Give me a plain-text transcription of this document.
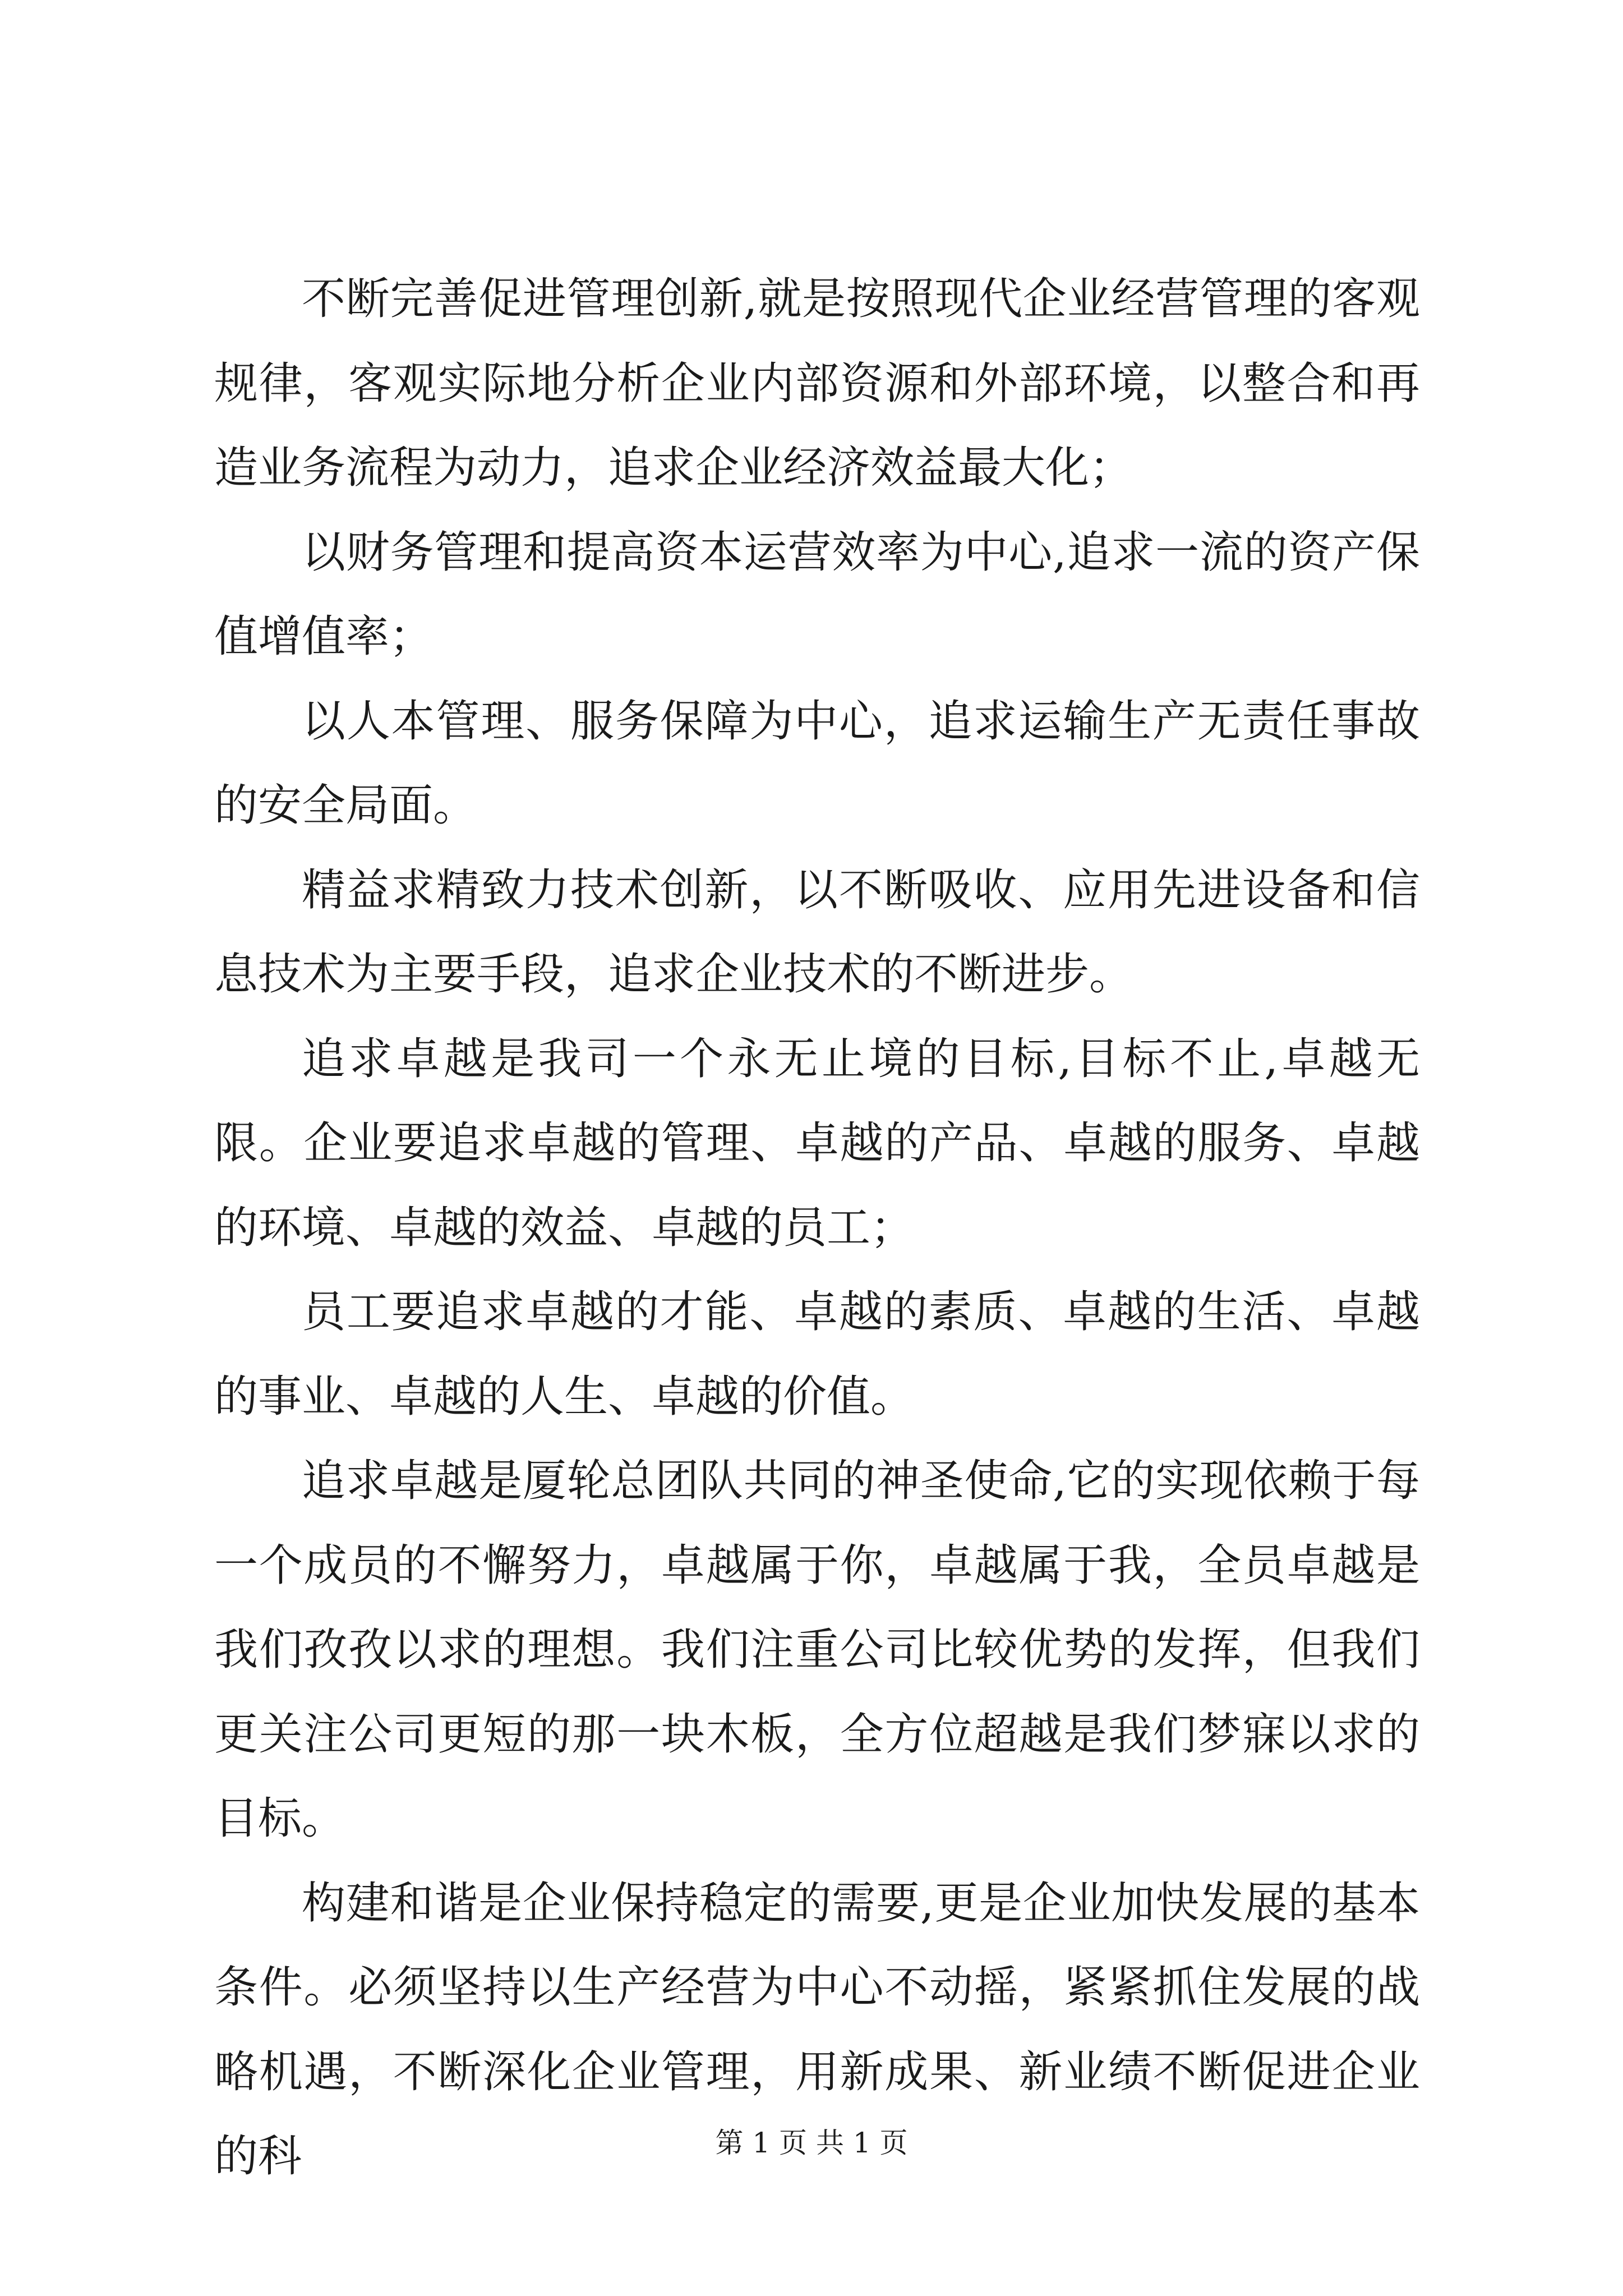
不断完善促进管理创新,就是按照现代企业经营管理的客观规律，客观实际地分析企业内部资源和外部环境，以整合和再造业务流程为动力，追求企业经济效益最大化；

以财务管理和提高资本运营效率为中心,追求一流的资产保值增值率；

以人本管理、服务保障为中心，追求运输生产无责任事故的安全局面。

精益求精致力技术创新，以不断吸收、应用先进设备和信息技术为主要手段，追求企业技术的不断进步。

追求卓越是我司一个永无止境的目标,目标不止,卓越无限。企业要追求卓越的管理、卓越的产品、卓越的服务、卓越的环境、卓越的效益、卓越的员工；

员工要追求卓越的才能、卓越的素质、卓越的生活、卓越的事业、卓越的人生、卓越的价值。

追求卓越是厦轮总团队共同的神圣使命,它的实现依赖于每一个成员的不懈努力，卓越属于你，卓越属于我，全员卓越是我们孜孜以求的理想。我们注重公司比较优势的发挥，但我们更关注公司更短的那一块木板，全方位超越是我们梦寐以求的目标。

构建和谐是企业保持稳定的需要,更是企业加快发展的基本条件。必须坚持以生产经营为中心不动摇，紧紧抓住发展的战略机遇，不断深化企业管理，用新成果、新业绩不断促进企业的科	第 1 页 共 1 页
